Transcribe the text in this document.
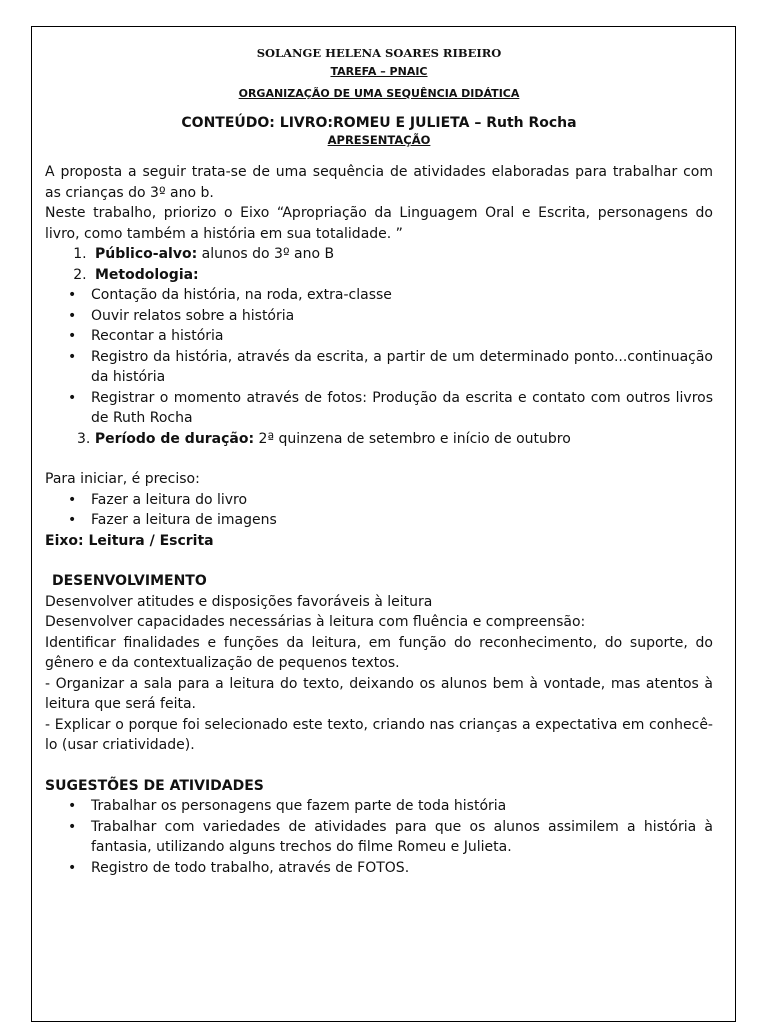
SOLANGE HELENA SOARES RIBEIRO

TAREFA – PNAIC

ORGANIZAÇÃO DE UMA SEQUÊNCIA DIDÁTICA

CONTEÚDO: LIVRO:ROMEU E JULIETA – Ruth Rocha

APRESENTAÇÃO

A proposta a seguir trata-se de uma sequência de atividades elaboradas para trabalhar com as crianças do 3º ano b.

Neste trabalho, priorizo o Eixo “Apropriação da Linguagem Oral e Escrita, personagens do livro, como também a história em sua totalidade. ”

1. Público-alvo: alunos do 3º ano B
2. Metodologia:
• Contação da história, na roda, extra-classe
• Ouvir relatos sobre a história
• Recontar a história
• Registro da história, através da escrita, a partir de um determinado ponto...continuação da história
• Registrar o momento através de fotos: Produção da escrita e contato com outros livros de Ruth Rocha

3. Período de duração: 2ª quinzena de setembro e início de outubro

Para iniciar, é preciso:

• Fazer a leitura do livro
• Fazer a leitura de imagens

Eixo: Leitura / Escrita

DESENVOLVIMENTO

Desenvolver atitudes e disposições favoráveis à leitura

Desenvolver capacidades necessárias à leitura com fluência e compreensão:

Identificar finalidades e funções da leitura, em função do reconhecimento, do suporte, do gênero e da contextualização de pequenos textos.

- Organizar a sala para a leitura do texto, deixando os alunos bem à vontade, mas atentos à leitura que será feita.

- Explicar o porque foi selecionado este texto, criando nas crianças a expectativa em conhecê-lo (usar criatividade).

SUGESTÕES DE ATIVIDADES

• Trabalhar os personagens que fazem parte de toda história
• Trabalhar com variedades de atividades para que os alunos assimilem a história à fantasia, utilizando alguns trechos do filme Romeu e Julieta.
• Registro de todo trabalho, através de FOTOS.
